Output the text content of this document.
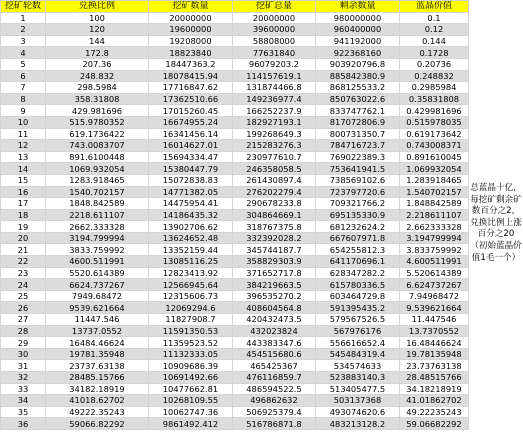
挖矿轮数	兑换比例	挖矿数量	挖矿总量	剩余数量	蓝晶价值
1	100	20000000	20000000	980000000	0.1
2	120	19600000	39600000	960400000	0.12
3	144	19208000	58808000	941192000	0.144
4	172.8	18823840	77631840	922368160	0.1728
5	207.36	18447363.2	96079203.2	903920796.8	0.20736
6	248.832	18078415.94	114157619.1	885842380.9	0.248832
7	298.5984	17716847.62	131874466.8	868125533.2	0.2985984
8	358.31808	17362510.66	149236977.4	850763022.6	0.35831808
9	429.981696	17015260.45	166252237.9	833747762.1	0.429981696
10	515.9780352	16674955.24	182927193.1	817072806.9	0.515978035
11	619.1736422	16341456.14	199268649.3	800731350.7	0.619173642
12	743.0083707	16014627.01	215283276.3	784716723.7	0.743008371
13	891.6100448	15694334.47	230977610.7	769022389.3	0.891610045
14	1069.932054	15380447.79	246358058.5	753641941.5	1.069932054
15	1283.918465	15072838.83	261430897.4	738569102.6	1.283918465
16	1540.702157	14771382.05	276202279.4	723797720.6	1.540702157
17	1848.842589	14475954.41	290678233.8	709321766.2	1.848842589
18	2218.611107	14186435.32	304864669.1	695135330.9	2.218611107
19	2662.333328	13902706.62	318767375.8	681232624.2	2.662333328
20	3194.799994	13624652.48	332392028.2	667607971.8	3.194799994
21	3833.759992	13352159.44	345744187.7	654255812.3	3.833759992
22	4600.511991	13085116.25	358829303.9	641170696.1	4.600511991
23	5520.614389	12823413.92	371652717.8	628347282.2	5.520614389
24	6624.737267	12566945.64	384219663.5	615780336.5	6.624737267
25	7949.68472	12315606.73	396535270.2	603464729.8	7.94968472
26	9539.621664	12069294.6	408604564.8	591395435.2	9.539621664
27	11447.546	11827908.7	420432473.5	579567526.5	11.447546
28	13737.0552	11591350.53	432023824	567976176	13.7370552
29	16484.46624	11359523.52	443383347.6	556616652.4	16.48446624
30	19781.35948	11132333.05	454515680.6	545484319.4	19.78135948
31	23737.63138	10909686.39	465425367	534574633	23.73763138
32	28485.15766	10691492.66	476116859.7	523883140.3	28.48515766
33	34182.18919	10477662.81	486594522.5	513405477.5	34.18218919
34	41018.62702	10268109.55	496862632	503137368	41.01862702
35	49222.35243	10062747.36	506925379.4	493074620.6	49.22235243
36	59066.82292	9861492.412	516786871.8	483213128.2	59.06682292
总蓝晶十亿，每挖矿剩余矿数百分之2，兑换比例上涨百分之20（初始蓝晶价值1毛一个）
